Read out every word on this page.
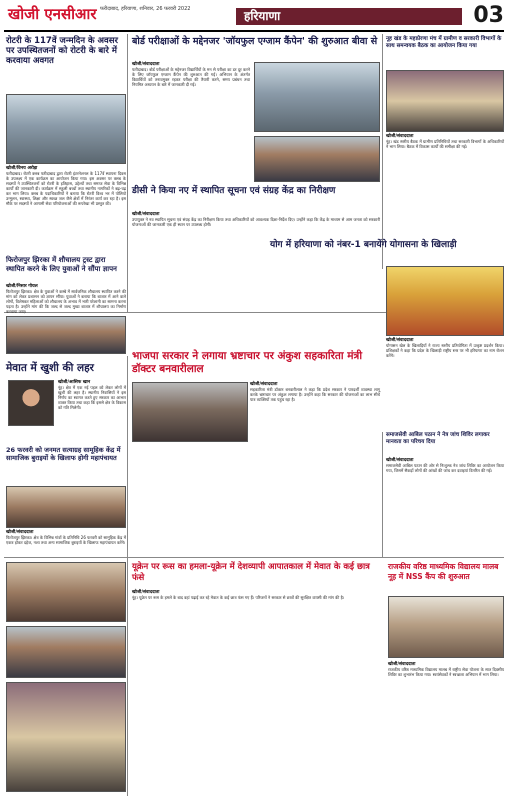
खोजी एनसीआर फरीदाबाद, हरियाणा, शनिवार, 26 फरवरी 2022	हरियाणा	03
रोटरी के 117वें जन्मदिन के अवसर पर उपस्थितजनों को रोटरी के बारे में करवाया अवगत
खोजी/विनय अरोड़ा
फरीदाबाद। रोटरी क्लब फरीदाबाद द्वारा रोटरी इंटरनेशनल के 117वें स्थापना दिवस के उपलक्ष्य में एक कार्यक्रम का आयोजन किया गया। इस अवसर पर क्लब के सदस्यों ने उपस्थितजनों को रोटरी के इतिहास, उद्देश्यों तथा समाज सेवा के विभिन्न कार्यों की जानकारी दी। कार्यक्रम में स्कूली बच्चों तथा स्थानीय नागरिकों ने बढ़-चढ़ कर भाग लिया। क्लब के पदाधिकारियों ने बताया कि रोटरी विश्व भर में पोलियो उन्मूलन, स्वास्थ्य, शिक्षा और स्वच्छ जल जैसे क्षेत्रों में निरंतर कार्य कर रहा है। इस मौके पर सदस्यों ने आगामी सेवा परियोजनाओं की रूपरेखा भी प्रस्तुत की।
फिरोजपुर झिरका में शौचालय ट्रस्ट द्वारा स्थापित करने के लिए युवाओं ने सौंपा ज्ञापन
खोजी/निसार गोयल
फिरोजपुर झिरका। क्षेत्र के युवाओं ने कस्बे में सार्वजनिक शौचालय स्थापित करने की मांग को लेकर प्रशासन को ज्ञापन सौंपा। युवाओं ने बताया कि बाजार में आने वाले लोगों, विशेषकर महिलाओं को शौचालय के अभाव में भारी परेशानी का सामना करना पड़ता है। उन्होंने मांग की कि जल्द से जल्द मुख्य बाजार में शौचालय का निर्माण करवाया जाए।
मेवात में खुशी की लहर
खोजी/आसिफ खान
नूंह। क्षेत्र में एक नई पहल को लेकर लोगों में खुशी की लहर है। स्थानीय निवासियों ने इस निर्णय का स्वागत करते हुए सरकार का आभार व्यक्त किया तथा कहा कि इससे क्षेत्र के विकास को गति मिलेगी।
26 फरवरी को जनमत सत्याग्रह सामूहिक केंद्र में सामाजिक बुराइयों के खिलाफ होगी महापंचायत
खोजी/संवाददाता
फिरोजपुर झिरका। क्षेत्र के विभिन्न गांवों के प्रतिनिधि 26 फरवरी को सामूहिक केंद्र में एकत्र होकर दहेज, नशा तथा अन्य सामाजिक बुराइयों के खिलाफ महापंचायत करेंगे।
बोर्ड परीक्षाओं के मद्देनजर 'जॉयफुल एग्जाम कैंपेन' की शुरुआत बीवा से
खोजी/संवाददाता
फरीदाबाद। बोर्ड परीक्षाओं के मद्देनजर विद्यार्थियों के मन से परीक्षा का डर दूर करने के लिए जॉयफुल एग्जाम कैंपेन की शुरुआत की गई। अभियान के अंतर्गत विद्यार्थियों को तनावमुक्त रहकर परीक्षा की तैयारी करने, समय प्रबंधन तथा नियमित अध्ययन के बारे में जानकारी दी गई।
डीसी ने किया नए में स्थापित सूचना एवं संग्रह केंद्र का निरीक्षण
खोजी/संवाददाता
उपायुक्त ने नव स्थापित सूचना एवं संग्रह केंद्र का निरीक्षण किया तथा अधिकारियों को आवश्यक दिशा-निर्देश दिए। उन्होंने कहा कि केंद्र के माध्यम से आम जनता को सरकारी योजनाओं की जानकारी एक ही स्थान पर उपलब्ध होगी।
योग में हरियाणा को नंबर-1 बनायेंगे योगासना के खिलाड़ी
खोजी/संवाददाता
योगासन खेल के खिलाड़ियों ने राज्य स्तरीय प्रतियोगिता में उत्कृष्ट प्रदर्शन किया। प्रशिक्षकों ने कहा कि प्रदेश के खिलाड़ी राष्ट्रीय स्तर पर भी हरियाणा का नाम रोशन करेंगे।
नूह खंड के महाप्रेरणा मंच में ग्रामीण व सरकारी विभागों के साथ समन्वयक बैठक का आयोजन किया गया
खोजी/संवाददाता
नूंह। खंड स्तरीय बैठक में ग्रामीण प्रतिनिधियों तथा सरकारी विभागों के अधिकारियों ने भाग लिया। बैठक में विकास कार्यों की समीक्षा की गई।
भाजपा सरकार ने लगाया भ्रष्टाचार पर अंकुश सहकारिता मंत्री डॉक्टर बनवारीलाल
खोजी/संवाददाता
सहकारिता मंत्री डॉक्टर बनवारीलाल ने कहा कि प्रदेश सरकार ने पारदर्शी व्यवस्था लागू करके भ्रष्टाचार पर अंकुश लगाया है। उन्होंने कहा कि सरकार की योजनाओं का लाभ सीधे पात्र व्यक्तियों तक पहुंच रहा है।
समाजसेवी आबिल पठान ने नेत्र जांच शिविर लगाकर मानवता का परिचय दिया
खोजी/संवाददाता
समाजसेवी आबिल पठान की ओर से निःशुल्क नेत्र जांच शिविर का आयोजन किया गया, जिसमें सैकड़ों लोगों की आंखों की जांच कर दवाइयां वितरित की गईं।
यूक्रेन पर रूस का हमला-यूक्रेन में देशव्यापी आपातकाल में मेवात के कई छात्र फंसे
खोजी/संवाददाता
नूंह। यूक्रेन पर रूस के हमले के बाद वहां पढ़ाई कर रहे मेवात के कई छात्र फंस गए हैं। परिजनों ने सरकार से छात्रों की सुरक्षित वापसी की मांग की है।
राजकीय वरिष्ठ माध्यमिक विद्यालय मालब नूह में NSS कैंप की शुरुआत
खोजी/संवाददाता
राजकीय वरिष्ठ माध्यमिक विद्यालय मालब में राष्ट्रीय सेवा योजना के सात दिवसीय शिविर का शुभारंभ किया गया। स्वयंसेवकों ने स्वच्छता अभियान में भाग लिया।
